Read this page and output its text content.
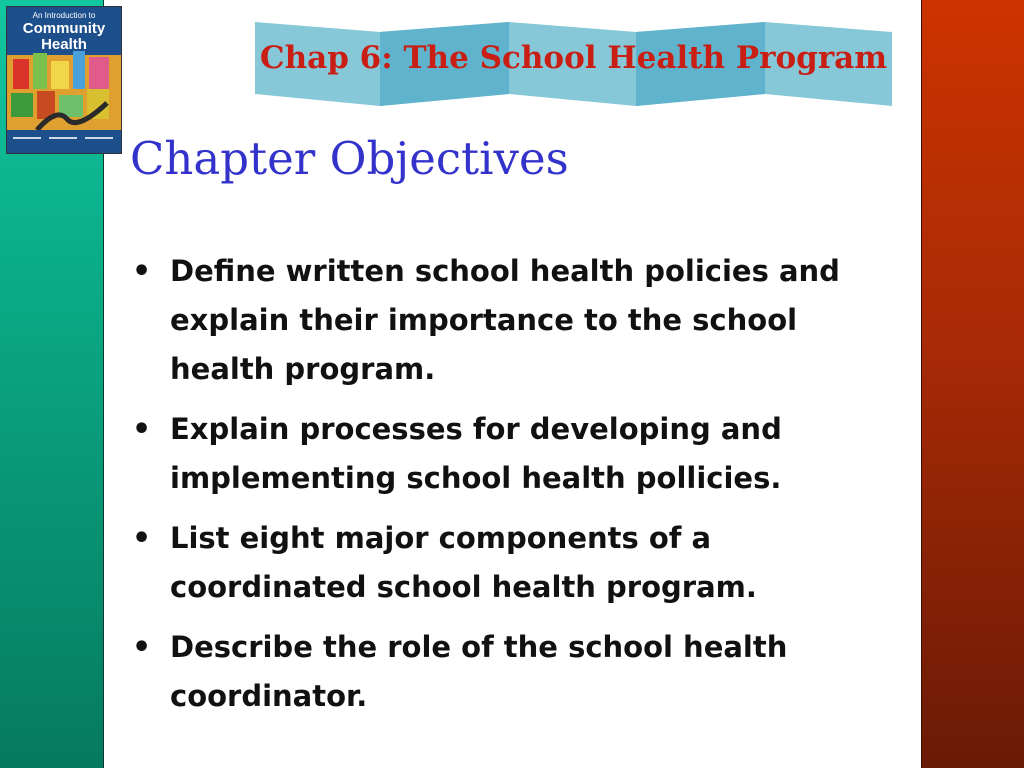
An Introduction to
Community
Health	Chap 6: The School Health Program
Chapter Objectives
• Define written school health policies and explain their importance to the school health program.
• Explain processes for developing and implementing school health pollicies.
• List eight major components of a coordinated school health program.
• Describe the role of the school health coordinator.
